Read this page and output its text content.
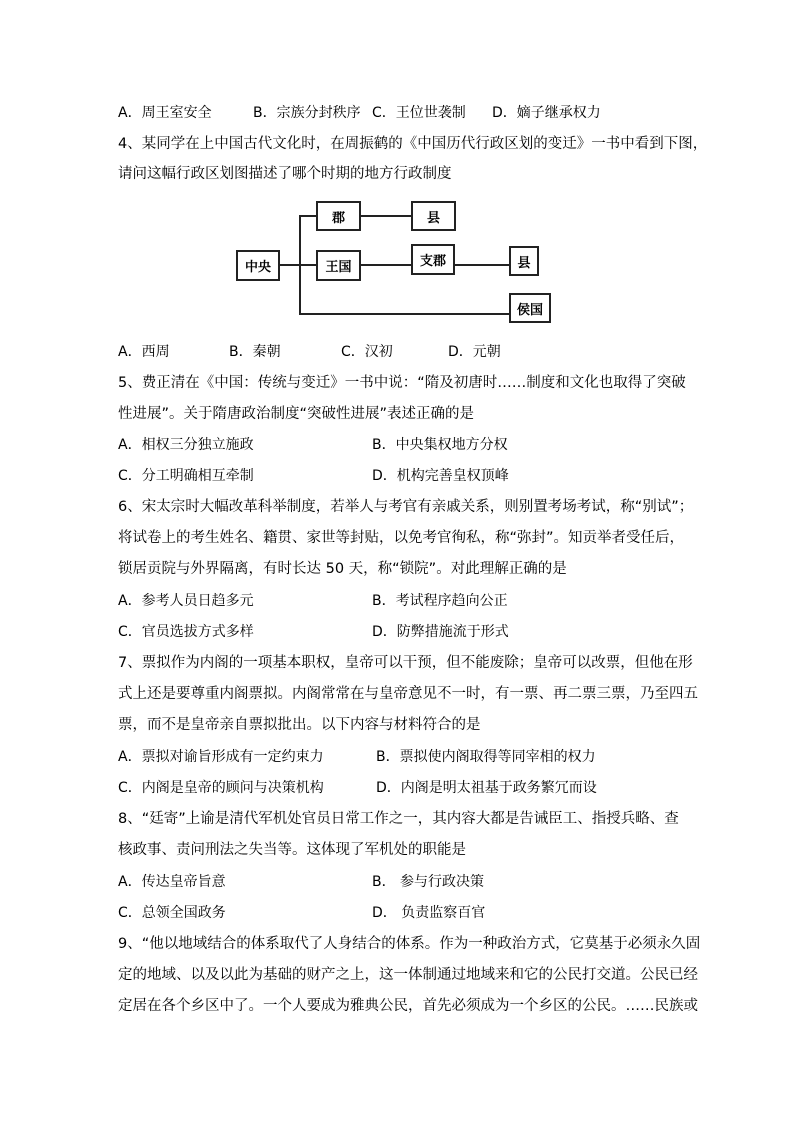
A．周王室安全	B．宗族分封秩序 C．王位世袭制 D．嫡子继承权力
4、某同学在上中国古代文化时，在周振鹤的《中国历代行政区划的变迁》一书中看到下图，
请问这幅行政区划图描述了哪个时期的地方行政制度
中央
郡	县
王国	支郡	县
侯国
A．西周	B．秦朝	C．汉初	D．元朝
5、费正清在《中国：传统与变迁》一书中说：“隋及初唐时……制度和文化也取得了突破
性进展”。关于隋唐政治制度“突破性进展”表述正确的是
A．相权三分独立施政	B．中央集权地方分权
C．分工明确相互牵制	D．机构完善皇权顶峰
6、宋太宗时大幅改革科举制度，若举人与考官有亲戚关系，则别置考场考试，称“别试”；
将试卷上的考生姓名、籍贯、家世等封贴，以免考官徇私，称“弥封”。知贡举者受任后，
锁居贡院与外界隔离，有时长达 50 天，称“锁院”。对此理解正确的是
A．参考人员日趋多元	B．考试程序趋向公正
C．官员选拔方式多样	D．防弊措施流于形式
7、票拟作为内阁的一项基本职权，皇帝可以干预，但不能废除；皇帝可以改票，但他在形
式上还是要尊重内阁票拟。内阁常常在与皇帝意见不一时，有一票、再二票三票，乃至四五
票，而不是皇帝亲自票拟批出。以下内容与材料符合的是
A．票拟对谕旨形成有一定约束力	B．票拟使内阁取得等同宰相的权力
C．内阁是皇帝的顾问与决策机构	D．内阁是明太祖基于政务繁冗而设
8、“廷寄”上谕是清代军机处官员日常工作之一，其内容大都是告诫臣工、指授兵略、查
核政事、责问刑法之失当等。这体现了军机处的职能是
A．传达皇帝旨意	B． 参与行政决策
C．总领全国政务	D． 负责监察百官
9、“他以地域结合的体系取代了人身结合的体系。作为一种政治方式，它莫基于必须永久固
定的地域、以及以此为基础的财产之上，这一体制通过地域来和它的公民打交道。公民已经
定居在各个乡区中了。一个人要成为雅典公民，首先必须成为一个乡区的公民。……民族或
